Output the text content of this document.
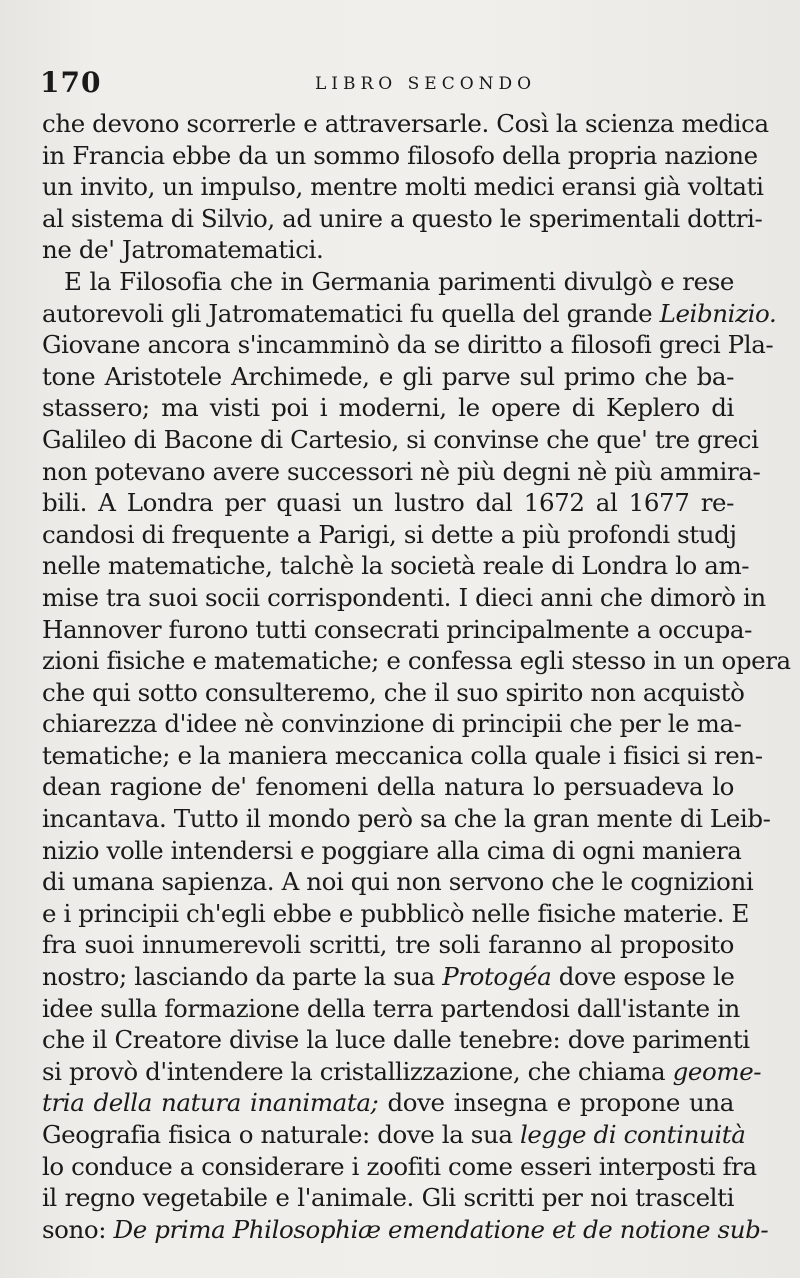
170	LIBRO SECONDO
che devono scorrerle e attraversarle. Così la scienza medica
in Francia ebbe da un sommo filosofo della propria nazione
un invito, un impulso, mentre molti medici eransi già voltati
al sistema di Silvio, ad unire a questo le sperimentali dottri-
ne de' Jatromatematici.
E la Filosofia che in Germania parimenti divulgò e rese
autorevoli gli Jatromatematici fu quella del grande Leibnizio.
Giovane ancora s'incamminò da se diritto a filosofi greci Pla-
tone Aristotele Archimede, e gli parve sul primo che ba-
stassero; ma visti poi i moderni, le opere di Keplero di
Galileo di Bacone di Cartesio, si convinse che que' tre greci
non potevano avere successori nè più degni nè più ammira-
bili. A Londra per quasi un lustro dal 1672 al 1677 re-
candosi di frequente a Parigi, si dette a più profondi studj
nelle matematiche, talchè la società reale di Londra lo am-
mise tra suoi socii corrispondenti. I dieci anni che dimorò in
Hannover furono tutti consecrati principalmente a occupa-
zioni fisiche e matematiche; e confessa egli stesso in un opera
che qui sotto consulteremo, che il suo spirito non acquistò
chiarezza d'idee nè convinzione di principii che per le ma-
tematiche; e la maniera meccanica colla quale i fisici si ren-
dean ragione de' fenomeni della natura lo persuadeva lo
incantava. Tutto il mondo però sa che la gran mente di Leib-
nizio volle intendersi e poggiare alla cima di ogni maniera
di umana sapienza. A noi qui non servono che le cognizioni
e i principii ch'egli ebbe e pubblicò nelle fisiche materie. E
fra suoi innumerevoli scritti, tre soli faranno al proposito
nostro; lasciando da parte la sua Protogéa dove espose le
idee sulla formazione della terra partendosi dall'istante in
che il Creatore divise la luce dalle tenebre: dove parimenti
si provò d'intendere la cristallizzazione, che chiama geome-
tria della natura inanimata; dove insegna e propone una
Geografia fisica o naturale: dove la sua legge di continuità
lo conduce a considerare i zoofiti come esseri interposti fra
il regno vegetabile e l'animale. Gli scritti per noi trascelti
sono: De prima Philosophiæ emendatione et de notione sub-
